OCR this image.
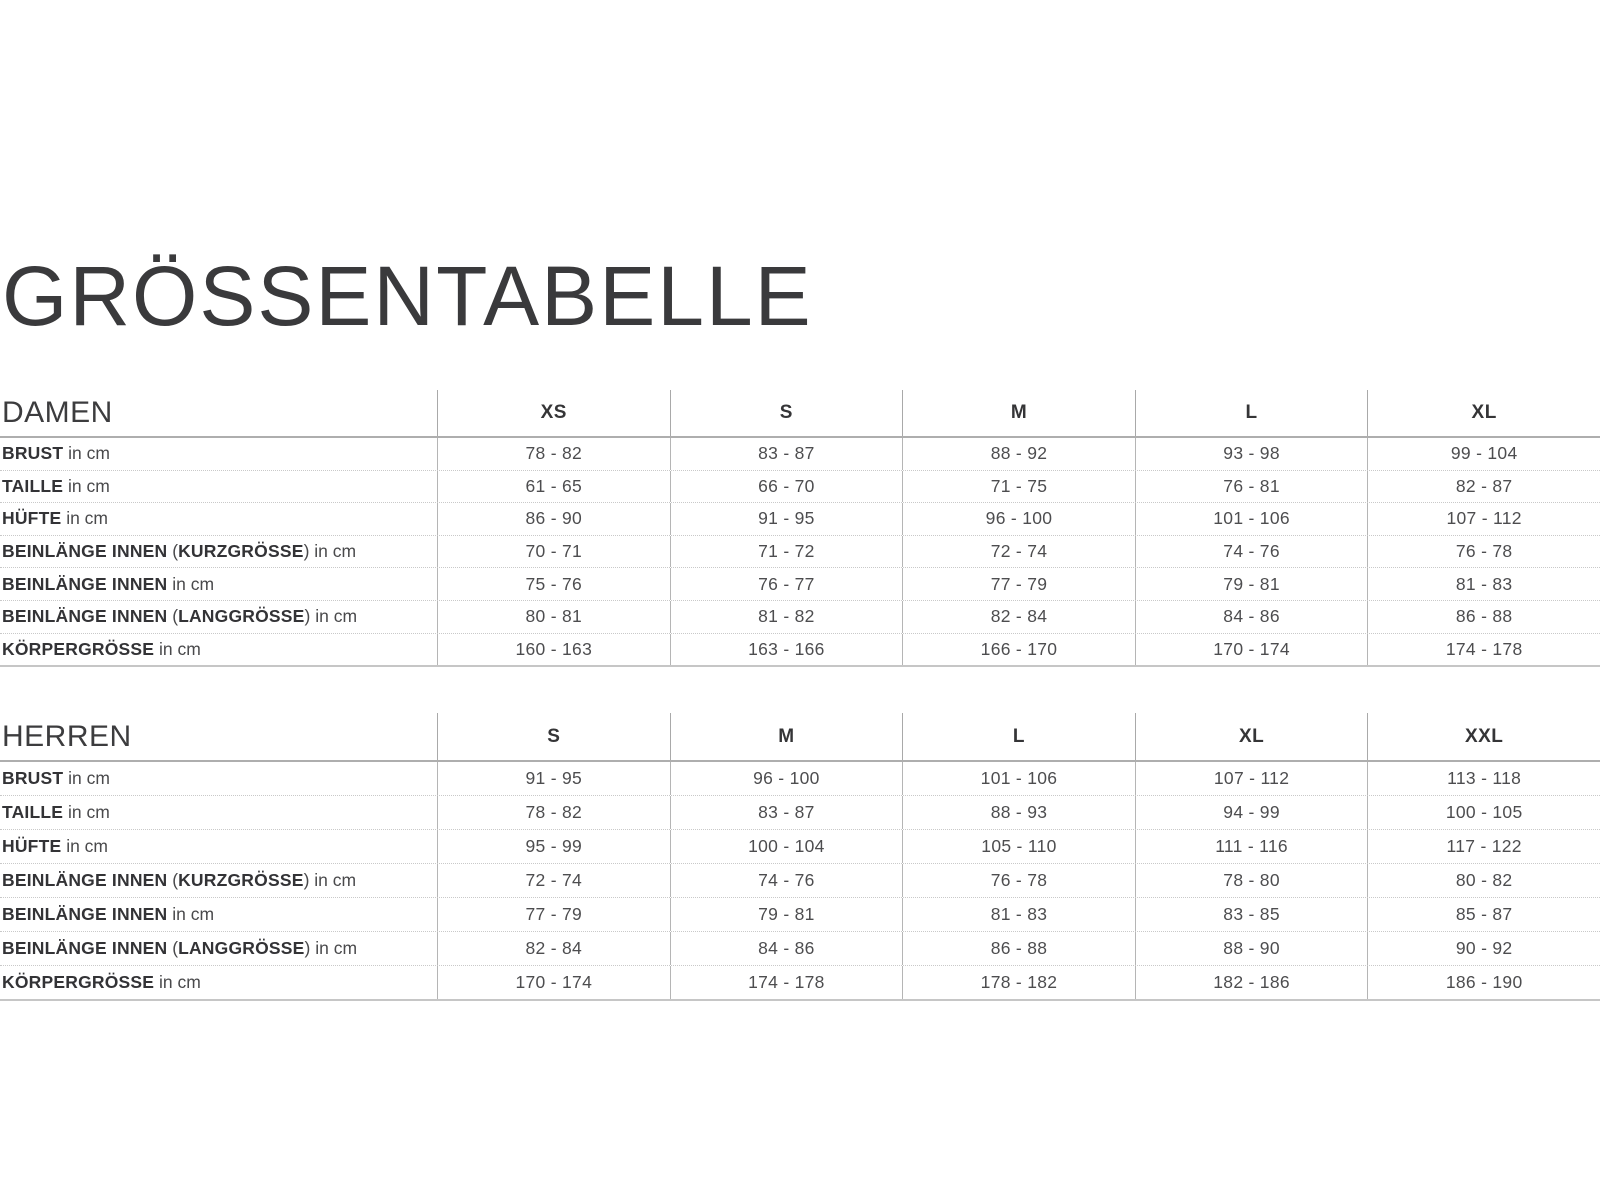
GRÖSSENTABELLE
DAMEN	XS	S	M	L	XL
BRUST in cm	78 - 82	83 - 87	88 - 92	93 - 98	99 - 104
TAILLE in cm	61 - 65	66 - 70	71 - 75	76 - 81	82 - 87
HÜFTE in cm	86 - 90	91 - 95	96 - 100	101 - 106	107 - 112
BEINLÄNGE INNEN ( KURZGRÖSSE ) in cm	70 - 71	71 - 72	72 - 74	74 - 76	76 - 78
BEINLÄNGE INNEN in cm	75 - 76	76 - 77	77 - 79	79 - 81	81 - 83
BEINLÄNGE INNEN ( LANGGRÖSSE ) in cm	80 - 81	81 - 82	82 - 84	84 - 86	86 - 88
KÖRPERGRÖSSE in cm	160 - 163	163 - 166	166 - 170	170 - 174	174 - 178
HERREN	S	M	L	XL	XXL
BRUST in cm	91 - 95	96 - 100	101 - 106	107 - 112	113 - 118
TAILLE in cm	78 - 82	83 - 87	88 - 93	94 - 99	100 - 105
HÜFTE in cm	95 - 99	100 - 104	105 - 110	111 - 116	117 - 122
BEINLÄNGE INNEN ( KURZGRÖSSE ) in cm	72 - 74	74 - 76	76 - 78	78 - 80	80 - 82
BEINLÄNGE INNEN in cm	77 - 79	79 - 81	81 - 83	83 - 85	85 - 87
BEINLÄNGE INNEN ( LANGGRÖSSE ) in cm	82 - 84	84 - 86	86 - 88	88 - 90	90 - 92
KÖRPERGRÖSSE in cm	170 - 174	174 - 178	178 - 182	182 - 186	186 - 190
